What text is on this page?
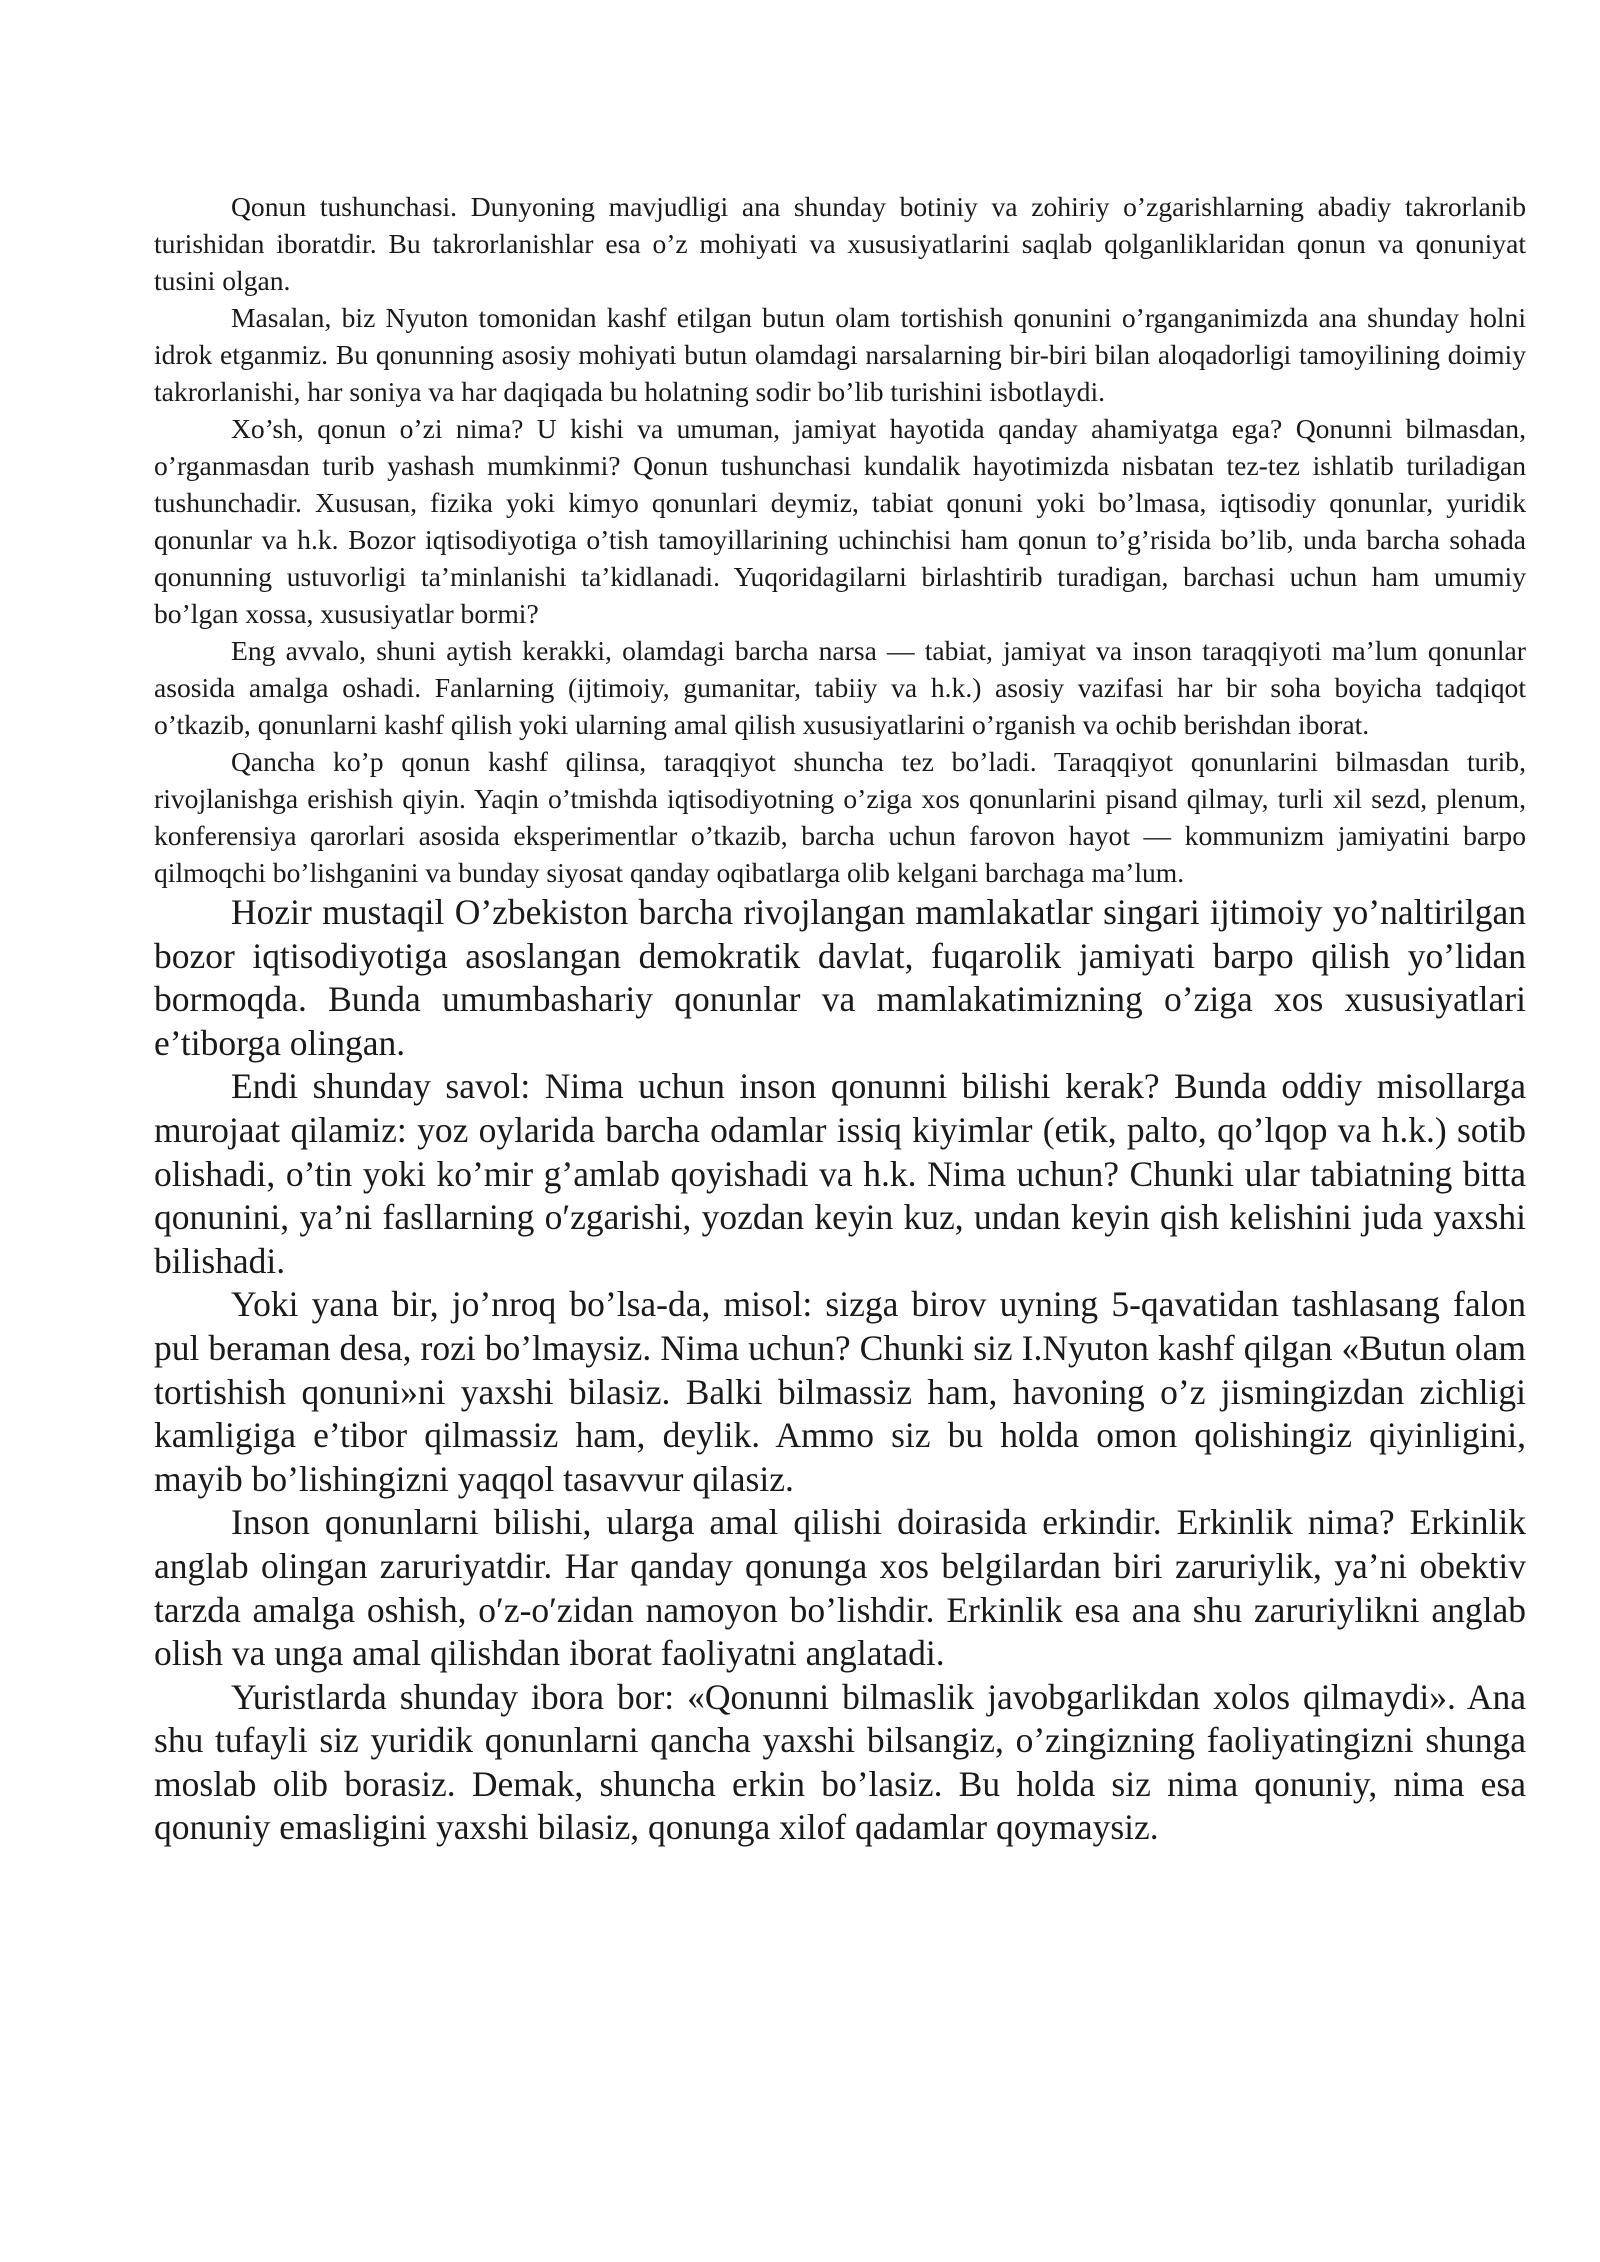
Qonun tushunchasi. Dunyoning mavjudligi ana shunday botiniy va zohiriy o’zgarishlarning abadiy takrorlanib turishidan iboratdir. Bu takrorlanishlar esa o’z mohiyati va xususiyatlarini saqlab qolganliklaridan qonun va qonuniyat tusini olgan.

Masalan, biz Nyuton tomonidan kashf etilgan butun olam tortishish qonunini o’rganganimizda ana shunday holni idrok etganmiz. Bu qonunning asosiy mohiyati butun olamdagi narsalarning bir-biri bilan aloqadorligi tamoyilining doimiy takrorlanishi, har soniya va har daqiqada bu holatning sodir bo’lib turishini isbotlaydi.

Xo’sh, qonun o’zi nima? U kishi va umuman, jamiyat hayotida qanday ahamiyatga ega? Qonunni bilmasdan, o’rganmasdan turib yashash mumkinmi? Qonun tushunchasi kundalik hayotimizda nisbatan tez-tez ishlatib turiladigan tushunchadir. Xususan, fizika yoki kimyo qonunlari deymiz, tabiat qonuni yoki bo’lmasa, iqtisodiy qonunlar, yuridik qonunlar va h.k. Bozor iqtisodiyotiga o’tish tamoyillarining uchinchisi ham qonun to’g’risida bo’lib, unda barcha sohada qonunning ustuvorligi ta’minlanishi ta’kidlanadi. Yuqoridagilarni birlashtirib turadigan, barchasi uchun ham umumiy bo’lgan xossa, xususiyatlar bormi?

Eng avvalo, shuni aytish kerakki, olamdagi barcha narsa — tabiat, jamiyat va inson taraqqiyoti ma’lum qonunlar asosida amalga oshadi. Fanlarning (ijtimoiy, gumanitar, tabiiy va h.k.) asosiy vazifasi har bir soha boyicha tadqiqot o’tkazib, qonunlarni kashf qilish yoki ularning amal qilish xususiyatlarini o’rganish va ochib berishdan iborat.

Qancha ko’p qonun kashf qilinsa, taraqqiyot shuncha tez bo’ladi. Taraqqiyot qonunlarini bilmasdan turib, rivojlanishga erishish qiyin. Yaqin o’tmishda iqtisodiyotning o’ziga xos qonunlarini pisand qilmay, turli xil sezd, plenum, konferensiya qarorlari asosida eksperimentlar o’tkazib, barcha uchun farovon hayot — kommunizm jamiyatini barpo qilmoqchi bo’lishganini va bunday siyosat qanday oqibatlarga olib kelgani barchaga ma’lum.

Hozir mustaqil O’zbekiston barcha rivojlangan mamlakatlar singari ijtimoiy yo’naltirilgan bozor iqtisodiyotiga asoslangan demokratik davlat, fuqarolik jamiyati barpo qilish yo’lidan bormoqda. Bunda umumbashariy qonunlar va mamlakatimizning o’ziga xos xususiyatlari e’tiborga olingan.

Endi shunday savol: Nima uchun inson qonunni bilishi kerak? Bunda oddiy misollarga murojaat qilamiz: yoz oylarida barcha odamlar issiq kiyimlar (etik, palto, qo’lqop va h.k.) sotib olishadi, o’tin yoki ko’mir g’amlab qoyishadi va h.k. Nima uchun? Chunki ular tabiatning bitta qonunini, ya’ni fasllarning oʹzgarishi, yozdan keyin kuz, undan keyin qish kelishini juda yaxshi bilishadi.

Yoki yana bir, jo’nroq bo’lsa-da, misol: sizga birov uyning 5-qavatidan tashlasang falon pul beraman desa, rozi bo’lmaysiz. Nima uchun? Chunki siz I.Nyuton kashf qilgan «Butun olam tortishish qonuni»ni yaxshi bilasiz. Balki bilmassiz ham, havoning o’z jismingizdan zichligi kamligiga e’tibor qilmassiz ham, deylik. Ammo siz bu holda omon qolishingiz qiyinligini, mayib bo’lishingizni yaqqol tasavvur qilasiz.

Inson qonunlarni bilishi, ularga amal qilishi doirasida erkindir. Erkinlik nima? Erkinlik anglab olingan zaruriyatdir. Har qanday qonunga xos belgilardan biri zaruriylik, ya’ni obektiv tarzda amalga oshish, oʹz-oʹzidan namoyon bo’lishdir. Erkinlik esa ana shu zaruriylikni anglab olish va unga amal qilishdan iborat faoliyatni anglatadi.

Yuristlarda shunday ibora bor: «Qonunni bilmaslik javobgarlikdan xolos qilmaydi». Ana shu tufayli siz yuridik qonunlarni qancha yaxshi bilsangiz, o’zingizning faoliyatingizni shunga moslab olib borasiz. Demak, shuncha erkin bo’lasiz. Bu holda siz nima qonuniy, nima esa qonuniy emasligini yaxshi bilasiz, qonunga xilof qadamlar qoymaysiz.
